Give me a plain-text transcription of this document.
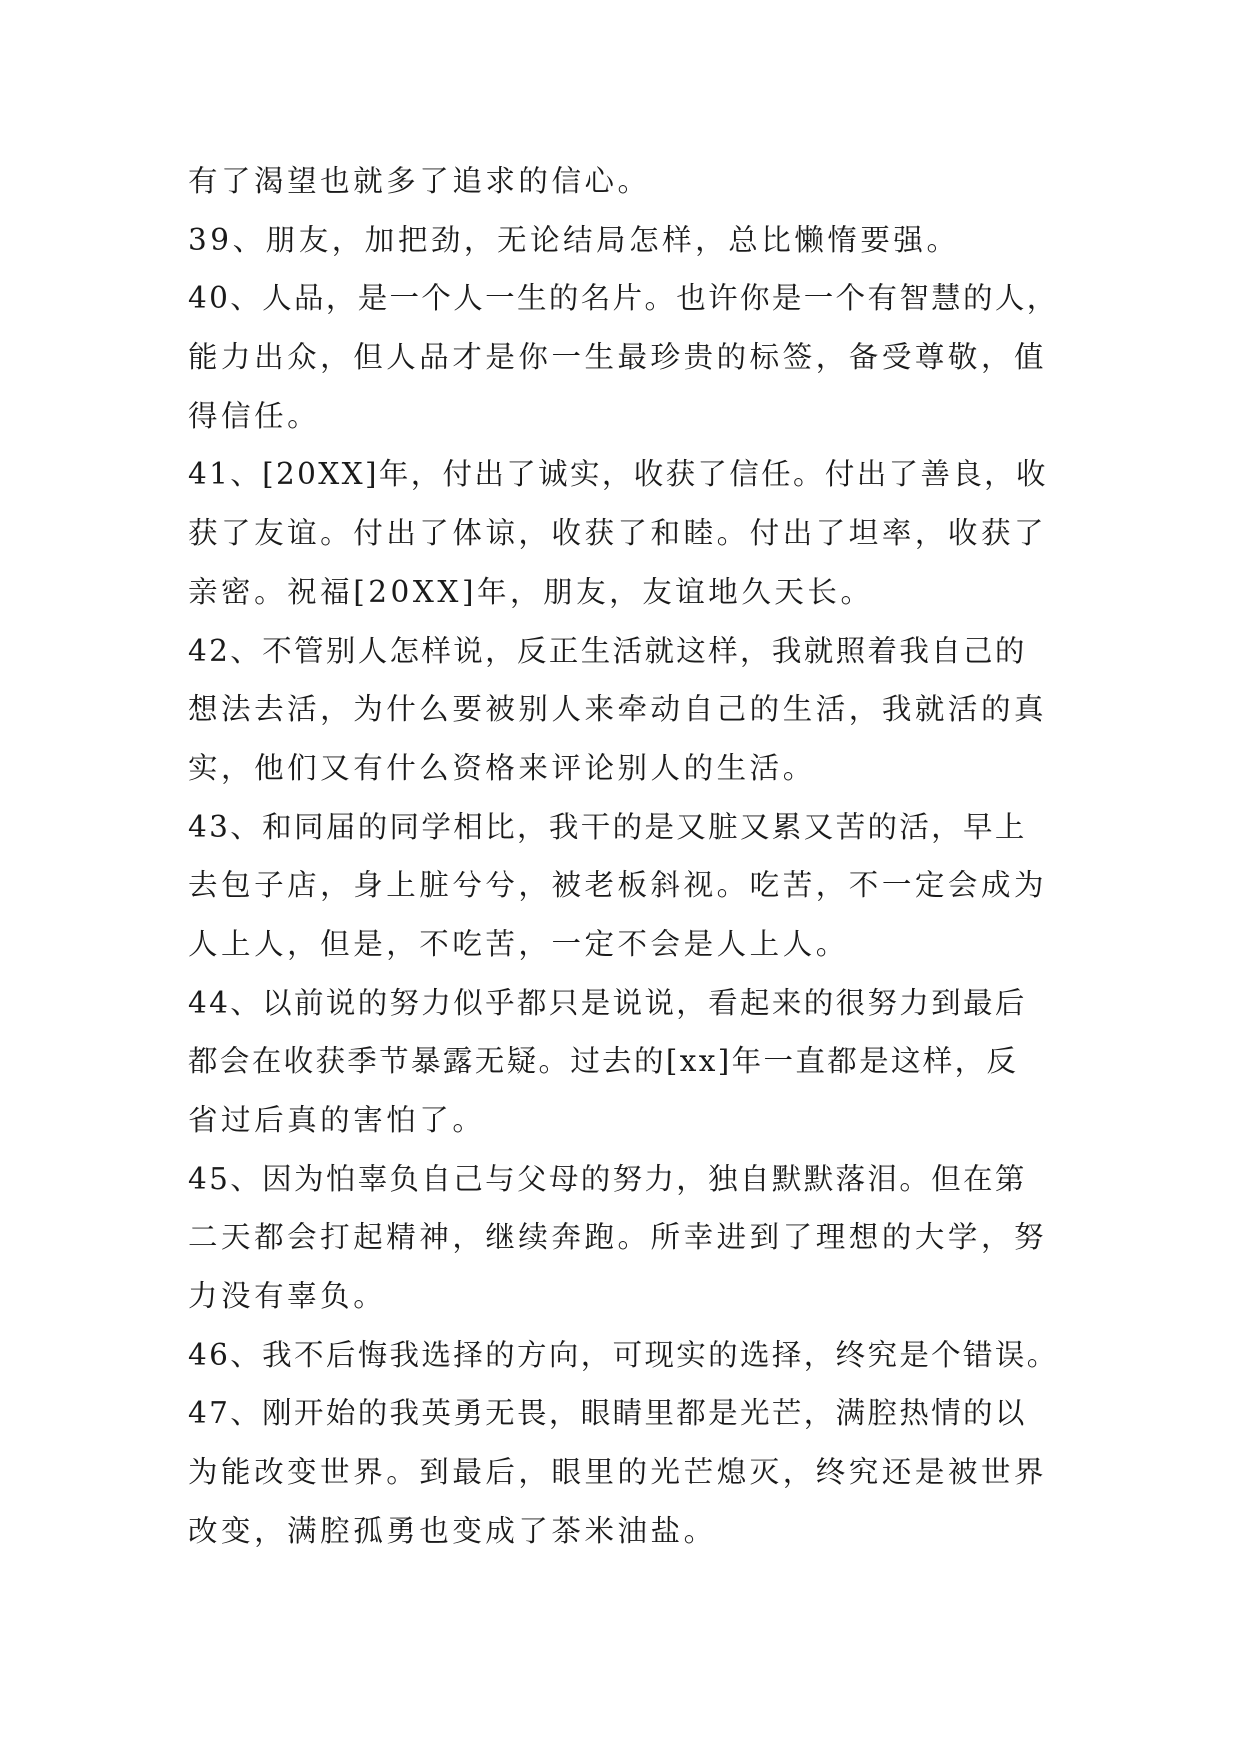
有了渴望也就多了追求的信心。
39、朋友，加把劲，无论结局怎样，总比懒惰要强。
40、人品，是一个人一生的名片。也许你是一个有智慧的人，
能力出众，但人品才是你一生最珍贵的标签，备受尊敬，值
得信任。
41、[20XX]年，付出了诚实，收获了信任。付出了善良，收
获了友谊。付出了体谅，收获了和睦。付出了坦率，收获了
亲密。祝福[20XX]年，朋友，友谊地久天长。
42、不管别人怎样说，反正生活就这样，我就照着我自己的
想法去活，为什么要被别人来牵动自己的生活，我就活的真
实，他们又有什么资格来评论别人的生活。
43、和同届的同学相比，我干的是又脏又累又苦的活，早上
去包子店，身上脏兮兮，被老板斜视。吃苦，不一定会成为
人上人，但是，不吃苦，一定不会是人上人。
44、以前说的努力似乎都只是说说，看起来的很努力到最后
都会在收获季节暴露无疑。过去的[xx]年一直都是这样，反
省过后真的害怕了。
45、因为怕辜负自己与父母的努力，独自默默落泪。但在第
二天都会打起精神，继续奔跑。所幸进到了理想的大学，努
力没有辜负。
46、我不后悔我选择的方向，可现实的选择，终究是个错误。
47、刚开始的我英勇无畏，眼睛里都是光芒，满腔热情的以
为能改变世界。到最后，眼里的光芒熄灭，终究还是被世界
改变，满腔孤勇也变成了茶米油盐。
